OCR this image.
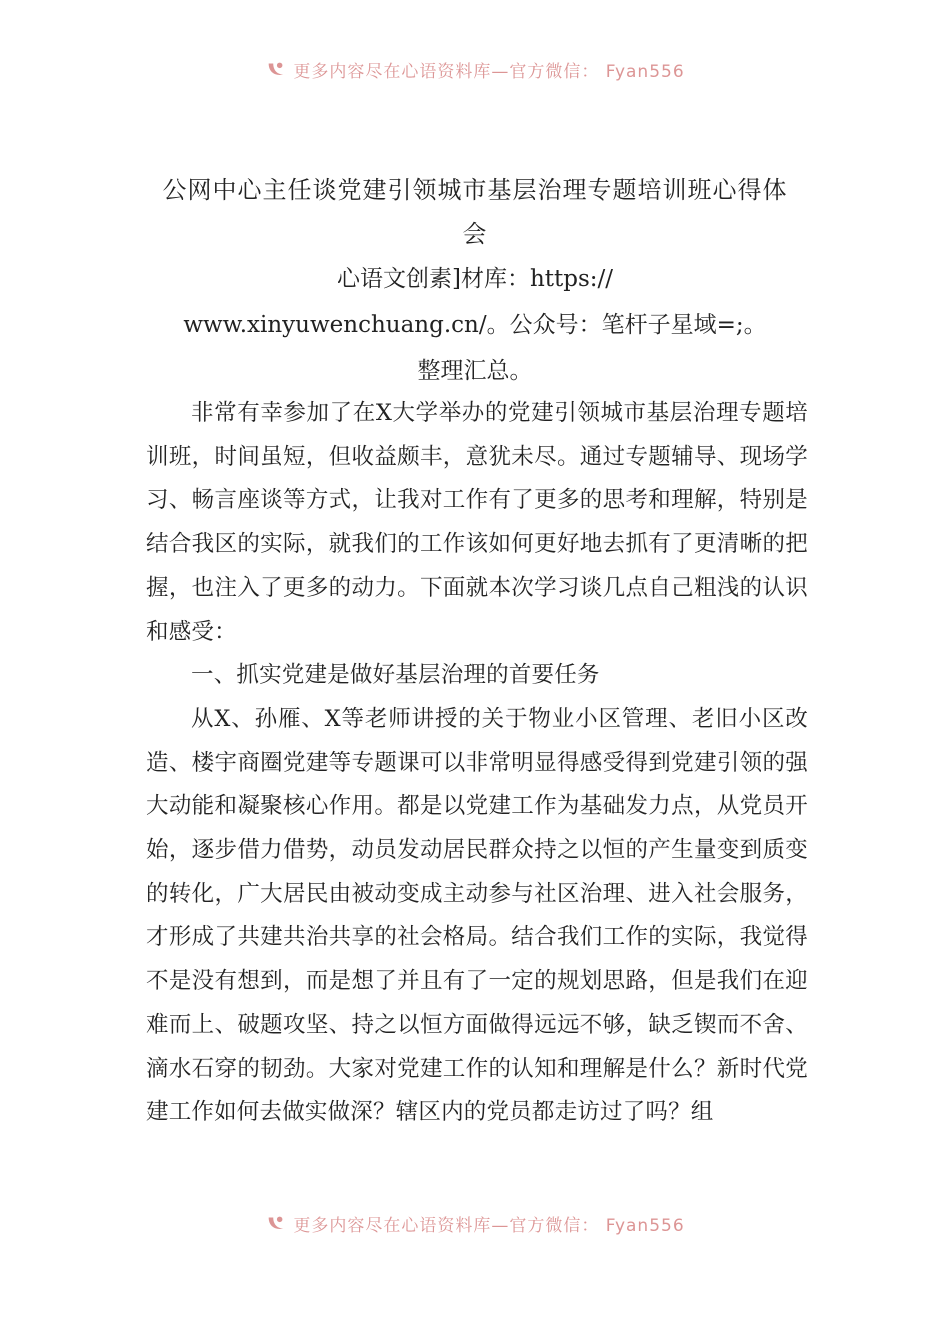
更多内容尽在心语资料库—官方微信： Fyan556
公网中心主任谈党建引领城市基层治理专题培训班心得体
会
心语文创素]材库：https://
www.xinyuwenchuang.cn/。公众号：笔杆子星域=;。
整理汇总。

非常有幸参加了在X大学举办的党建引领城市基层治理专题培训班，时间虽短，但收益颇丰，意犹未尽。通过专题辅导、现场学习、畅言座谈等方式，让我对工作有了更多的思考和理解，特别是结合我区的实际，就我们的工作该如何更好地去抓有了更清晰的把握，也注入了更多的动力。下面就本次学习谈几点自己粗浅的认识和感受：

一、抓实党建是做好基层治理的首要任务

从X、孙雁、X等老师讲授的关于物业小区管理、老旧小区改造、楼宇商圈党建等专题课可以非常明显得感受得到党建引领的强大动能和凝聚核心作用。都是以党建工作为基础发力点，从党员开始，逐步借力借势，动员发动居民群众持之以恒的产生量变到质变的转化，广大居民由被动变成主动参与社区治理、进入社会服务，才形成了共建共治共享的社会格局。结合我们工作的实际，我觉得不是没有想到，而是想了并且有了一定的规划思路，但是我们在迎难而上、破题攻坚、持之以恒方面做得远远不够，缺乏锲而不舍、滴水石穿的韧劲。大家对党建工作的认知和理解是什么？新时代党建工作如何去做实做深？辖区内的党员都走访过了吗？组

更多内容尽在心语资料库—官方微信： Fyan556
